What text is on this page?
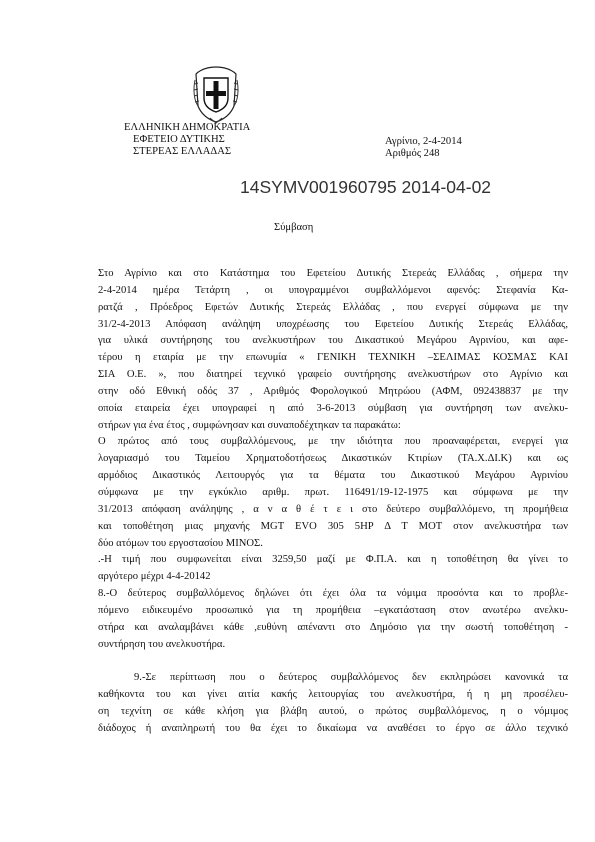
ΕΛΛΗΝΙΚΗ ΔΗΜΟΚΡΑΤΙΑ
ΕΦΕΤΕΙΟ ΔΥΤΙΚΗΣ
ΣΤΕΡΕΑΣ ΕΛΛΑΔΑΣ
Αγρίνιο, 2-4-2014
Αριθμός 248
14SYMV001960795 2014-04-02
Σύμβαση
Στο Αγρίνιο και στο Κατάστημα του Εφετείου Δυτικής Στερεάς Ελλάδας , σήμερα την
2-4-2014 ημέρα Τετάρτη , οι υπογραμμένοι συμβαλλόμενοι αφενός: Στεφανία Κα-
ρατζά , Πρόεδρος Εφετών Δυτικής Στερεάς Ελλάδας , που ενεργεί σύμφωνα με την
31/2-4-2013 Απόφαση ανάληψη υποχρέωσης του Εφετείου Δυτικής Στερεάς Ελλάδας,
για υλικά συντήρησης του ανελκυστήρων του Δικαστικού Μεγάρου Αγρινίου, και αφε-
τέρου η εταιρία με την επωνυμία « ΓΕΝΙΚΗ ΤΕΧΝΙΚΗ –ΣΕΛΙΜΑΣ ΚΟΣΜΑΣ ΚΑΙ
ΣΙΑ Ο.Ε. », που διατηρεί τεχνικό γραφείο συντήρησης ανελκυστήρων στο Αγρίνιο και
στην οδό Εθνική οδός 37 , Αριθμός Φορολογικού Μητρώου (ΑΦΜ, 092438837 με την
οποία εταιρεία έχει υπογραφεί η από 3-6-2013 σύμβαση για συντήρηση των ανελκυ-
στήρων για ένα έτος , συμφώνησαν και συναποδέχτηκαν τα παρακάτω:
Ο πρώτος από τους συμβαλλόμενους, με την ιδιότητα που προαναφέρεται, ενεργεί για
λογαριασμό του Ταμείου Χρηματοδοτήσεως Δικαστικών Κτιρίων (ΤΑ.Χ.ΔΙ.Κ) και ως
αρμόδιος Δικαστικός Λειτουργός για τα θέματα του Δικαστικού Μεγάρου Αγρινίου
σύμφωνα με την εγκύκλιο αριθμ. πρωτ. 116491/19-12-1975 και σύμφωνα με την
31/2013 απόφαση ανάληψης , α ν α θ έ τ ε ι στο δεύτερο συμβαλλόμενο, τη προμήθεια
και τοποθέτηση μιας μηχανής MGT EVO 305 5HP Δ Τ ΜΟΤ στον ανελκυστήρα των
δύο ατόμων του εργοστασίου ΜΙΝΟΣ.
.-Η τιμή που συμφωνείται είναι 3259,50 μαζί με Φ.Π.Α. και η τοποθέτηση θα γίνει το
αργότερο μέχρι 4-4-20142
8.-Ο δεύτερος συμβαλλόμενος δηλώνει ότι έχει όλα τα νόμιμα προσόντα και το προβλε-
πόμενο ειδικευμένο προσωπικό για τη προμήθεια –εγκατάσταση στον ανωτέρω ανελκυ-
στήρα και αναλαμβάνει κάθε ,ευθύνη απέναντι στο Δημόσιο για την σωστή τοποθέτηση -
συντήρηση του ανελκυστήρα.
9.-Σε περίπτωση που ο δεύτερος συμβαλλόμενος δεν εκπληρώσει κανονικά τα
καθήκοντα του και γίνει αιτία κακής λειτουργίας του ανελκυστήρα, ή η μη προσέλευ-
ση τεχνίτη σε κάθε κλήση για βλάβη αυτού, ο πρώτος συμβαλλόμενος, η ο νόμιμος
διάδοχος ή αναπληρωτή του θα έχει το δικαίωμα να αναθέσει το έργο σε άλλο τεχνικό
